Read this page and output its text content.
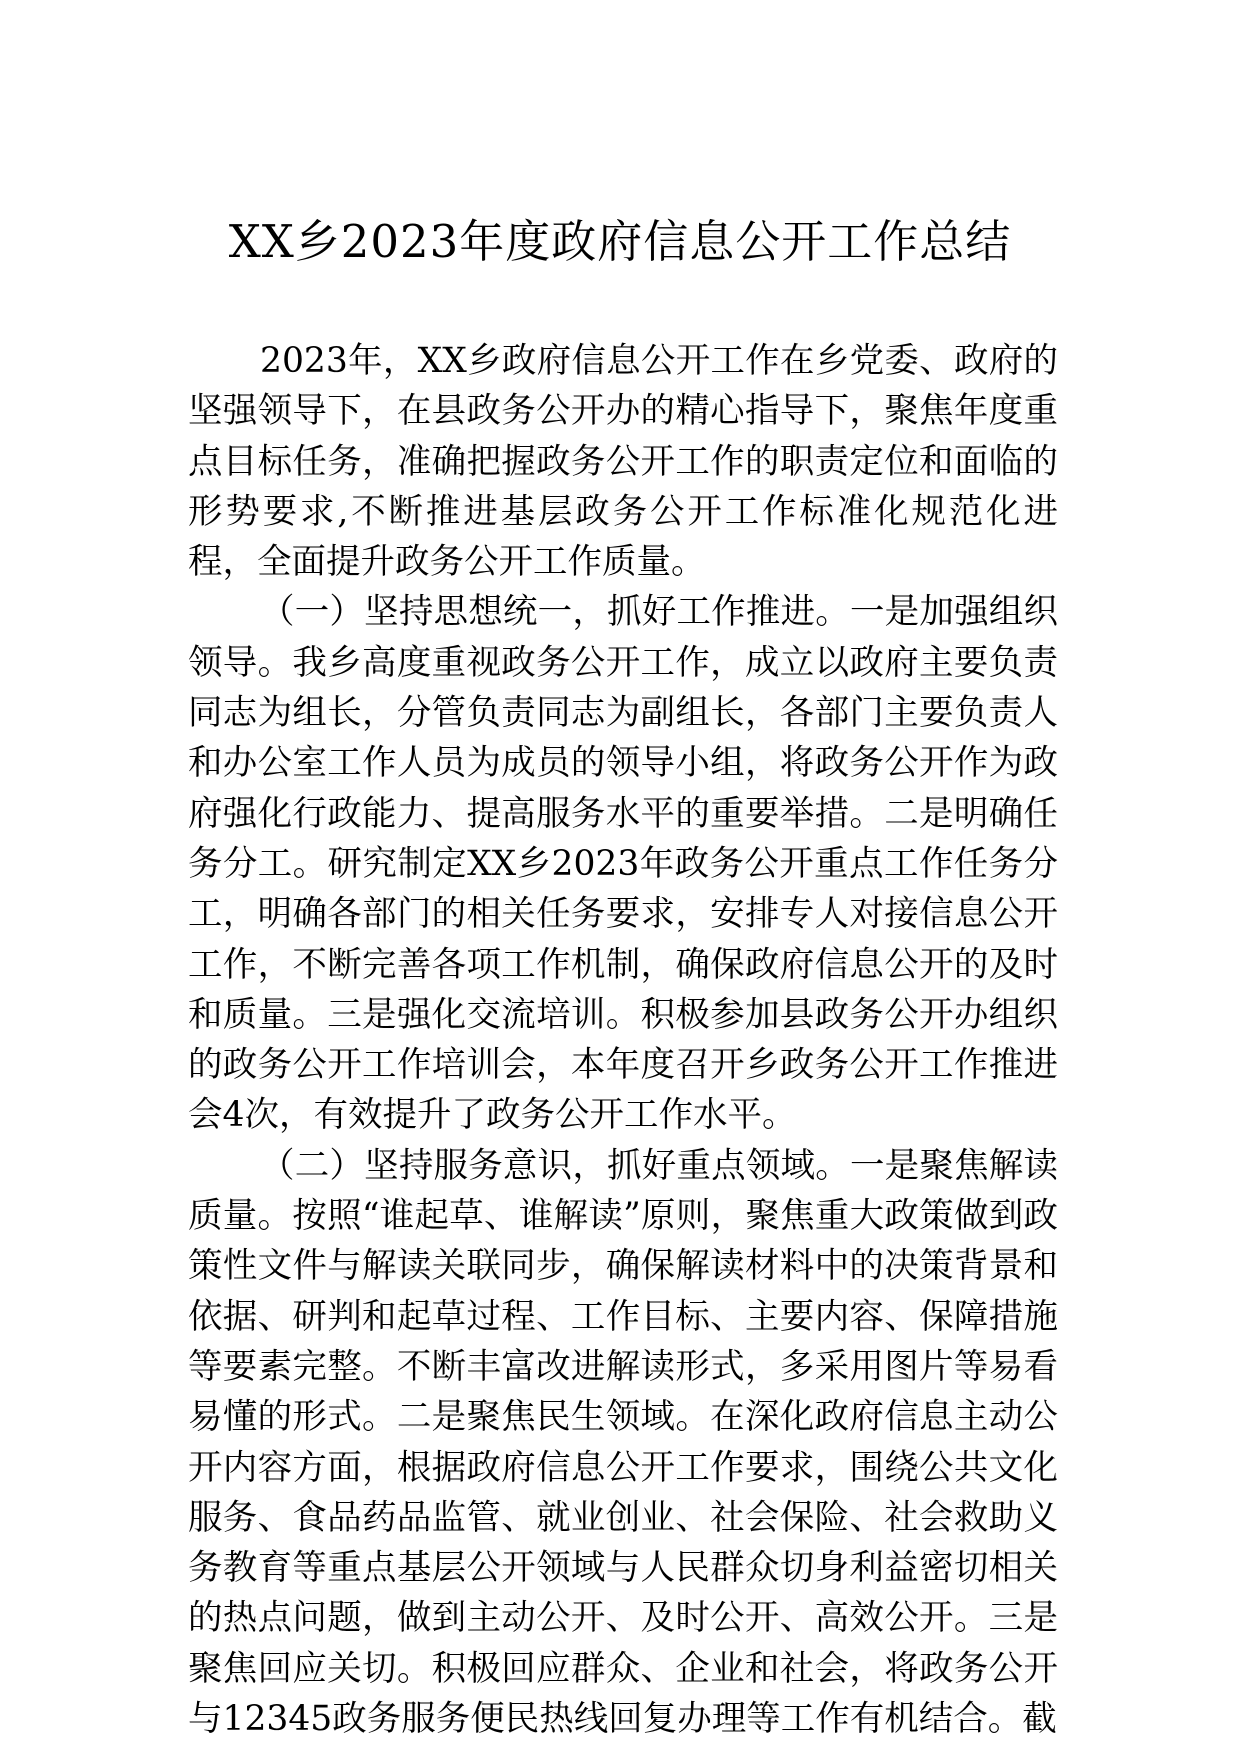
XX乡2023年度政府信息公开工作总结

2023年，XX乡政府信息公开工作在乡党委、政府的坚强领导下，在县政务公开办的精心指导下，聚焦年度重点目标任务，准确把握政务公开工作的职责定位和面临的形势要求,不断推进基层政务公开工作标准化规范化进程，全面提升政务公开工作质量。

（一）坚持思想统一，抓好工作推进。一是加强组织领导。我乡高度重视政务公开工作，成立以政府主要负责同志为组长，分管负责同志为副组长，各部门主要负责人和办公室工作人员为成员的领导小组，将政务公开作为政府强化行政能力、提高服务水平的重要举措。二是明确任务分工。研究制定XX乡2023年政务公开重点工作任务分工，明确各部门的相关任务要求，安排专人对接信息公开工作，不断完善各项工作机制，确保政府信息公开的及时和质量。三是强化交流培训。积极参加县政务公开办组织的政务公开工作培训会，本年度召开乡政务公开工作推进会4次，有效提升了政务公开工作水平。

（二）坚持服务意识，抓好重点领域。一是聚焦解读质量。按照“谁起草、谁解读”原则，聚焦重大政策做到政策性文件与解读关联同步，确保解读材料中的决策背景和依据、研判和起草过程、工作目标、主要内容、保障措施等要素完整。不断丰富改进解读形式，多采用图片等易看易懂的形式。二是聚焦民生领域。在深化政府信息主动公开内容方面，根据政府信息公开工作要求，围绕公共文化服务、食品药品监管、就业创业、社会保险、社会救助义务教育等重点基层公开领域与人民群众切身利益密切相关的热点问题，做到主动公开、及时公开、高效公开。三是聚焦回应关切。积极回应群众、企业和社会，将政务公开与12345政务服务便民热线回复办理等工作有机结合。截
